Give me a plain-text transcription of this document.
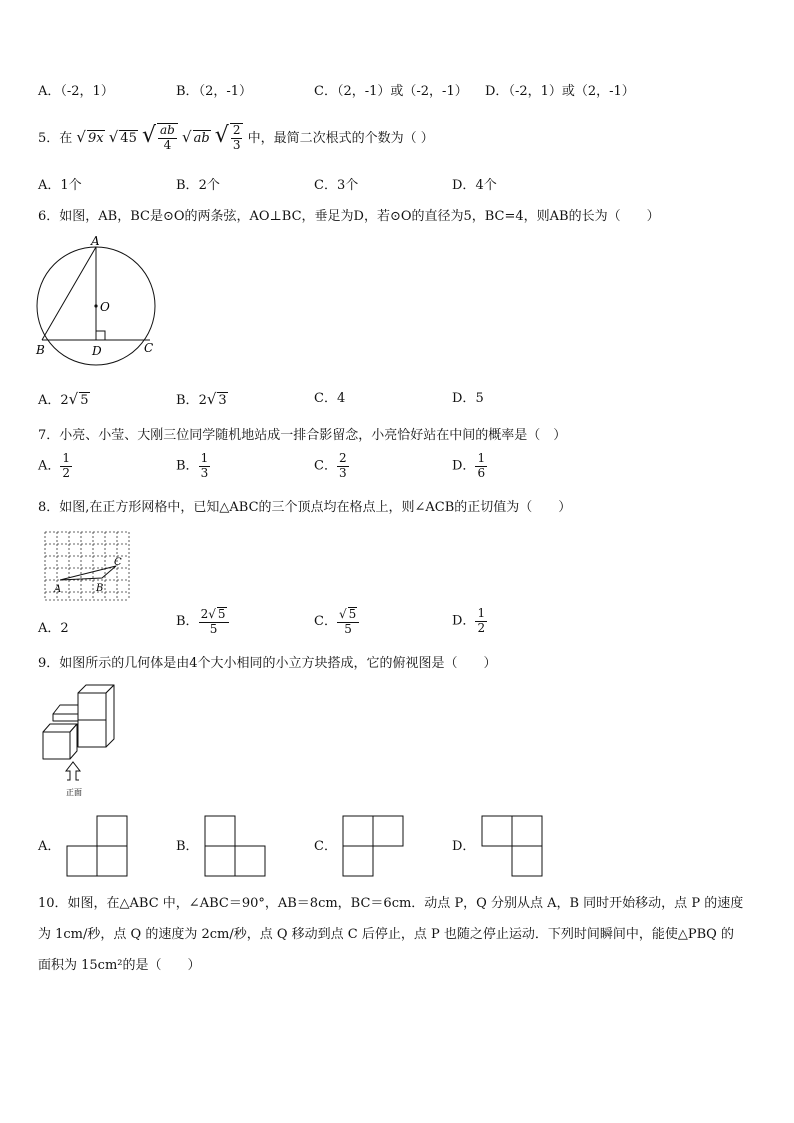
A．（-2，1）	B．（2，-1）	C．（2，-1）或（-2，-1） D．（-2，1）或（2，-1）
5．在 √ 9x √ 45 √ $\frac{ab}{4}$ √ ab √ $\frac{2}{3}$ 中，最简二次根式的个数为（ ）
A．1个	B．2个	C．3个	D．4个
6．如图，AB，BC是⊙O的两条弦，AO⊥BC，垂足为D，若⊙O的直径为5，BC=4，则AB的长为（　　）
A
O
B	D	C
A．2√ 5	B．2√ 3	C．4	D．5
7．小亮、小莹、大刚三位同学随机地站成一排合影留念，小亮恰好站在中间的概率是（　）
A． $\frac{1}{2}$	B． $\frac{1}{3}$	C． $\frac{2}{3}$	D． $\frac{1}{6}$
8．如图,在正方形网格中，已知△ABC的三个顶点均在格点上，则∠ACB的正切值为（　　）
A	B
C
A．2	B． $\frac{2√ 5}{5}$	C． $\frac{√ 5}{5}$	D． $\frac{1}{2}$
9．如图所示的几何体是由4个大小相同的小立方块搭成，它的俯视图是（　　）
正面
A．	B．	C．	D．
10．如图，在△ABC 中，∠ABC＝90°，AB＝8cm，BC＝6cm．动点 P，Q 分别从点 A，B 同时开始移动，点 P 的速度
为 1cm/秒，点 Q 的速度为 2cm/秒，点 Q 移动到点 C 后停止，点 P 也随之停止运动．下列时间瞬间中，能使△PBQ 的
面积为 15cm²的是（　　）
